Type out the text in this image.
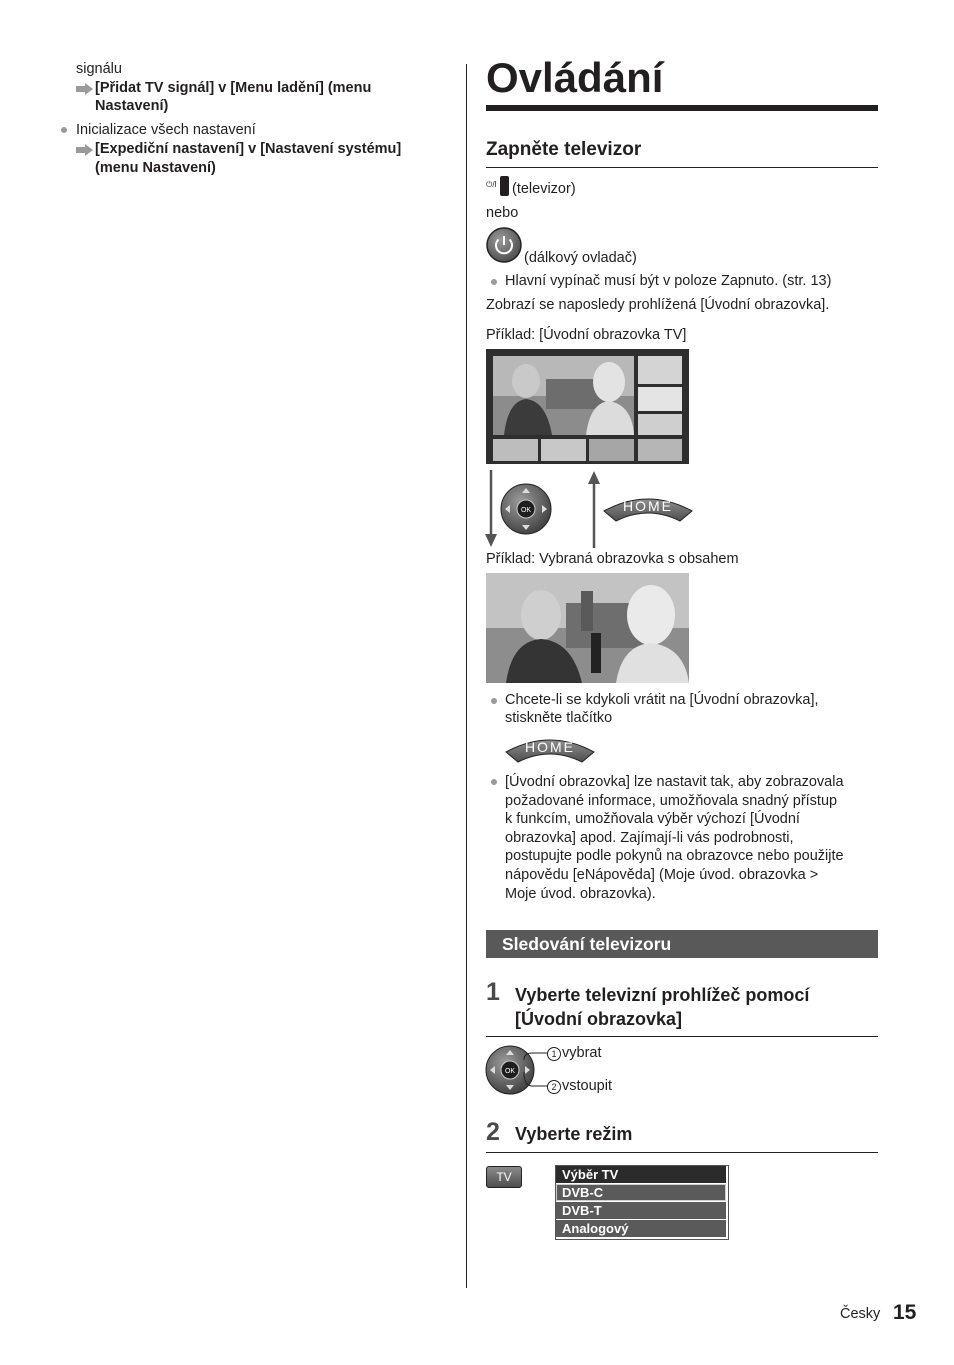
signálu
[Přidat TV signál] v [Menu ladění] (menu
Nastavení)
Inicializace všech nastavení
[Expediční nastavení] v [Nastavení systému]
(menu Nastavení)
Ovládání
Zapněte televizor
⏻/I (televizor)
nebo
(dálkový ovladač)
Hlavní vypínač musí být v poloze Zapnuto. (str. 13)
Zobrazí se naposledy prohlížená [Úvodní obrazovka].
Příklad: [Úvodní obrazovka TV]
OK	HOME
Příklad: Vybraná obrazovka s obsahem
Chcete-li se kdykoli vrátit na [Úvodní obrazovka],
stiskněte tlačítko
HOME
[Úvodní obrazovka] lze nastavit tak, aby zobrazovala
požadované informace, umožňovala snadný přístup
k funkcím, umožňovala výběr výchozí [Úvodní
obrazovka] apod. Zajímají-li vás podrobnosti,
postupujte podle pokynů na obrazovce nebo použijte
nápovědu [eNápověda] (Moje úvod. obrazovka >
Moje úvod. obrazovka).
Sledování televizoru
1 Vyberte televizní prohlížeč pomocí
[Úvodní obrazovka]
OK
1 vybrat
2 vstoupit
2 Vyberte režim
TV	Výběr TV
DVB-C
DVB-T
Analogový
Česky 15
